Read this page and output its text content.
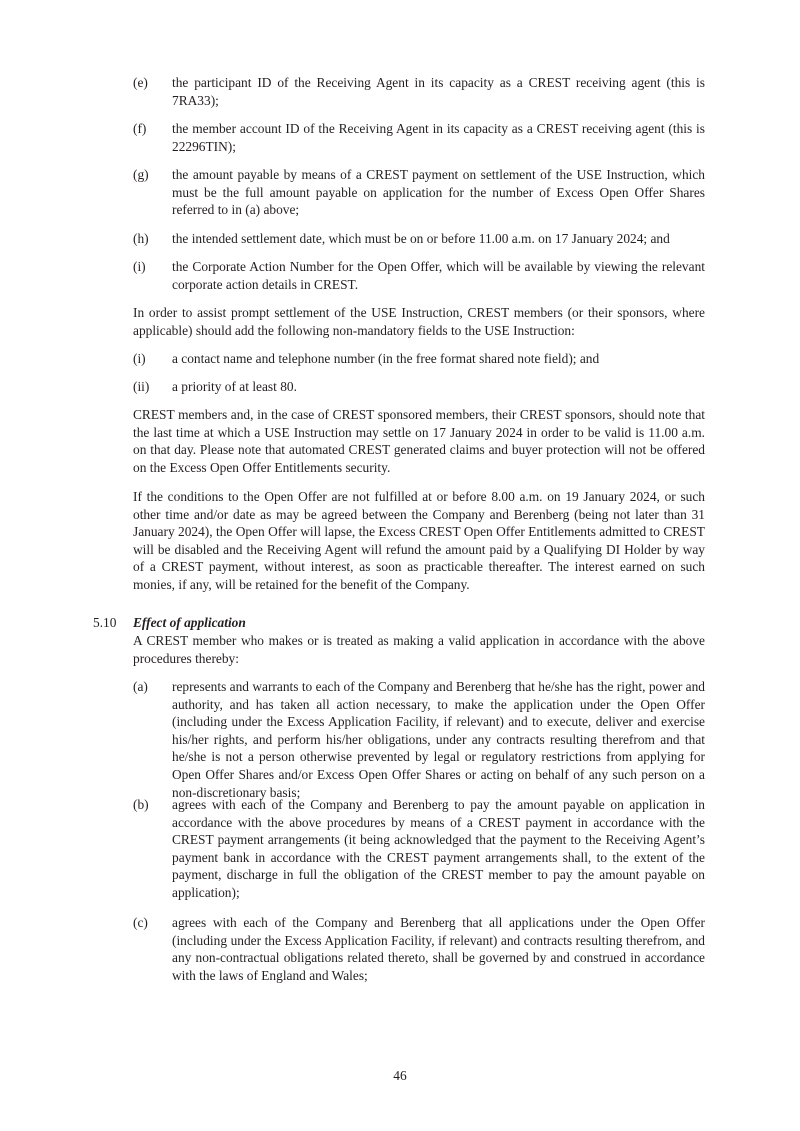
(e)	the participant ID of the Receiving Agent in its capacity as a CREST receiving agent (this is 7RA33);
(f)	the member account ID of the Receiving Agent in its capacity as a CREST receiving agent (this is 22296TIN);
(g)	the amount payable by means of a CREST payment on settlement of the USE Instruction, which must be the full amount payable on application for the number of Excess Open Offer Shares referred to in (a) above;
(h)	the intended settlement date, which must be on or before 11.00 a.m. on 17 January 2024; and
(i)	the Corporate Action Number for the Open Offer, which will be available by viewing the relevant corporate action details in CREST.
In order to assist prompt settlement of the USE Instruction, CREST members (or their sponsors, where applicable) should add the following non-mandatory fields to the USE Instruction:
(i)	a contact name and telephone number (in the free format shared note field); and
(ii)	a priority of at least 80.
CREST members and, in the case of CREST sponsored members, their CREST sponsors, should note that the last time at which a USE Instruction may settle on 17 January 2024 in order to be valid is 11.00 a.m. on that day. Please note that automated CREST generated claims and buyer protection will not be offered on the Excess Open Offer Entitlements security.
If the conditions to the Open Offer are not fulfilled at or before 8.00 a.m. on 19 January 2024, or such other time and/or date as may be agreed between the Company and Berenberg (being not later than 31 January 2024), the Open Offer will lapse, the Excess CREST Open Offer Entitlements admitted to CREST will be disabled and the Receiving Agent will refund the amount paid by a Qualifying DI Holder by way of a CREST payment, without interest, as soon as practicable thereafter. The interest earned on such monies, if any, will be retained for the benefit of the Company.
5.10 Effect of application
A CREST member who makes or is treated as making a valid application in accordance with the above procedures thereby:
(a)	represents and warrants to each of the Company and Berenberg that he/she has the right, power and authority, and has taken all action necessary, to make the application under the Open Offer (including under the Excess Application Facility, if relevant) and to execute, deliver and exercise his/her rights, and perform his/her obligations, under any contracts resulting therefrom and that he/she is not a person otherwise prevented by legal or regulatory restrictions from applying for Open Offer Shares and/or Excess Open Offer Shares or acting on behalf of any such person on a non-discretionary basis;
(b)	agrees with each of the Company and Berenberg to pay the amount payable on application in accordance with the above procedures by means of a CREST payment in accordance with the CREST payment arrangements (it being acknowledged that the payment to the Receiving Agent’s payment bank in accordance with the CREST payment arrangements shall, to the extent of the payment, discharge in full the obligation of the CREST member to pay the amount payable on application);
(c)	agrees with each of the Company and Berenberg that all applications under the Open Offer (including under the Excess Application Facility, if relevant) and contracts resulting therefrom, and any non-contractual obligations related thereto, shall be governed by and construed in accordance with the laws of England and Wales;
46
